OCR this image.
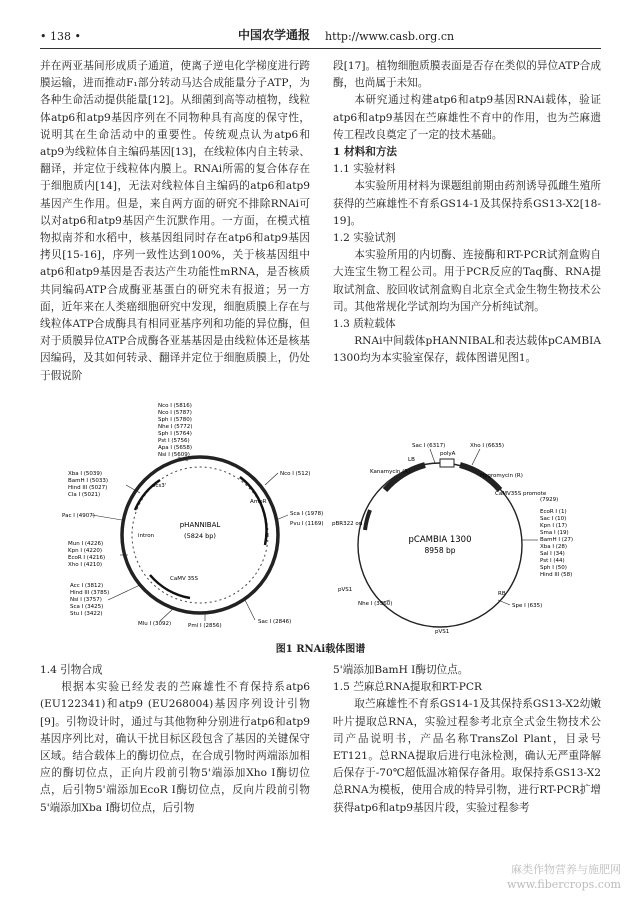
• 138 •	中国农学通报 http://www.casb.org.cn

并在两亚基间形成质子通道，使离子逆电化学梯度进行跨膜运输，进而推动F₁部分转动马达合成能量分子ATP，为各种生命活动提供能量[12]。从细菌到高等动植物，线粒体atp6和atp9基因序列在不同物种具有高度的保守性，说明其在生命活动中的重要性。传统观点认为atp6和atp9为线粒体自主编码基因[13]，在线粒体内自主转录、翻译，并定位于线粒体内膜上。RNAi所需的复合体存在于细胞质内[14]，无法对线粒体自主编码的atp6和atp9基因产生作用。但是，来自两方面的研究不排除RNAi可以对atp6和atp9基因产生沉默作用。一方面，在模式植物拟南芥和水稻中，核基因组同时存在atp6和atp9基因拷贝[15-16]，序列一致性达到100%，关于核基因组中atp6和atp9基因是否表达产生功能性mRNA，是否核质共同编码ATP合成酶亚基蛋白的研究未有报道；另一方面，近年来在人类癌细胞研究中发现，细胞质膜上存在与线粒体ATP合成酶具有相同亚基序列和功能的异位酶，但对于质膜异位ATP合成酶各亚基基因是由线粒体还是核基因编码，及其如何转录、翻译并定位于细胞质膜上，仍处于假说阶

段[17]。植物细胞质膜表面是否存在类似的异位ATP合成酶，也尚属于未知。

本研究通过构建atp6和atp9基因RNAi载体，验证atp6和atp9基因在苎麻雄性不育中的作用，也为苎麻遗传工程改良奠定了一定的技术基础。

1 材料和方法
1.1 实验材料

本实验所用材料为课题组前期由药剂诱导孤雌生殖所获得的苎麻雄性不育系GS14-1及其保持系GS13-X2[18-19]。

1.2 实验试剂

本实验所用的内切酶、连接酶和RT-PCR试剂盒购自大连宝生物工程公司。用于PCR反应的Taq酶、RNA提取试剂盒、胶回收试剂盒购自北京全式金生物生物技术公司。其他常规化学试剂均为国产分析纯试剂。

1.3 质粒载体

RNAi中间载体pHANNIBAL和表达载体pCAMBIA 1300均为本实验室保存，载体图谱见图1。

pHANNIBAL
(5824 bp)
ocs3'
AmpR
intron
CaMV 35S
Nco I (5816)
Nco I (5787)
Sph I (5780)
Nhe I (5772)
Sph I (5764)
Pst I (5756)
Apa I (5658)
Nsi I (5609)
Xba I (5039)
BamH I (5033)
Hind III (5027)
Cla I (5021)
Pac I (4907)
Mun I (4226)
Kpn I (4220)
EcoR I (4216)
Xho I (4210)
Acc I (3812)
Hind III (3785)
Nsi I (3757)
Sca I (3425)
Stu I (3422)
Mlu I (3092)	Pml I (2856)
Nco I (512)
Sca I (1978)
Pvu I (1169)
Sac I (2846)
pCAMBIA 1300
8958 bp
Kanamycin (R)
LB
polyA
Hygromycin (R)
CaMV35S promote
pBR322 ori
pVS1
RB
pVS1
Sac I (6317)	Xho I (6635)
(7929)
EcoR I (1)
Sac I (10)
Kpn I (17)
Sma I (19)
BamH I (27)
Xba I (28)
Sal I (34)
Pst I (44)
Sph I (50)
Hind III (58)
Spe I (635)
Nhe I (3360)
图1 RNAi载体图谱
1.4 引物合成

根据本实验已经发表的苎麻雄性不育保持系atp6 (EU122341)和atp9 (EU268004)基因序列设计引物[9]。引物设计时，通过与其他物种分别进行atp6和atp9基因序列比对，确认干扰目标区段包含了基因的关键保守区域。结合载体上的酶切位点，在合成引物时两端添加相应的酶切位点，正向片段前引物5'端添加Xho I酶切位点，后引物5'端添加EcoR I酶切位点，反向片段前引物5'端添加Xba I酶切位点，后引物

5'端添加BamH I酶切位点。

1.5 苎麻总RNA提取和RT-PCR

取苎麻雄性不育系GS14-1及其保持系GS13-X2幼嫩叶片提取总RNA，实验过程参考北京全式金生物技术公司产品说明书，产品名称TransZol Plant，目录号ET121。总RNA提取后进行电泳检测，确认无严重降解后保存于-70℃超低温冰箱保存备用。取保持系GS13-X2总RNA为模板，使用合成的特异引物，进行RT-PCR扩增获得atp6和atp9基因片段，实验过程参考

麻类作物营养与施肥网
www.fibercrops.com
